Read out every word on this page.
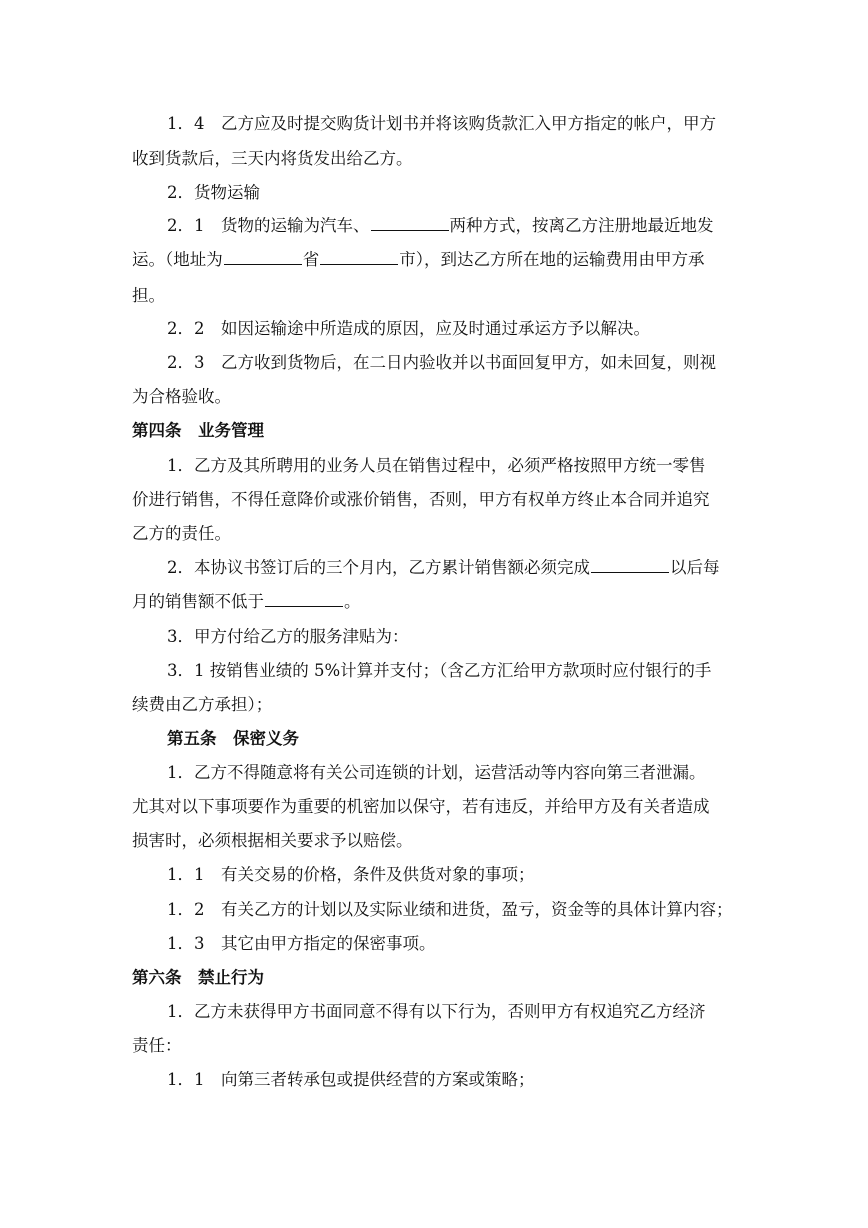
1．4　乙方应及时提交购货计划书并将该购货款汇入甲方指定的帐户，甲方
收到货款后，三天内将货发出给乙方。
2．货物运输
2．1　货物的运输为汽车、	两种方式，按离乙方注册地最近地发
运。（地址为	省	市），到达乙方所在地的运输费用由甲方承
担。
2．2　如因运输途中所造成的原因，应及时通过承运方予以解决。
2．3　乙方收到货物后，在二日内验收并以书面回复甲方，如未回复，则视
为合格验收。
第四条　业务管理
1．乙方及其所聘用的业务人员在销售过程中，必须严格按照甲方统一零售
价进行销售，不得任意降价或涨价销售，否则，甲方有权单方终止本合同并追究
乙方的责任。
2．本协议书签订后的三个月内，乙方累计销售额必须完成	以后每
月的销售额不低于	。
3．甲方付给乙方的服务津贴为：
3．1 按销售业绩的 5%计算并支付；（含乙方汇给甲方款项时应付银行的手
续费由乙方承担）；
第五条　保密义务
1．乙方不得随意将有关公司连锁的计划，运营活动等内容向第三者泄漏。
尤其对以下事项要作为重要的机密加以保守，若有违反，并给甲方及有关者造成
损害时，必须根据相关要求予以赔偿。
1．1　有关交易的价格，条件及供货对象的事项；
1．2　有关乙方的计划以及实际业绩和进货，盈亏，资金等的具体计算内容；
1．3　其它由甲方指定的保密事项。
第六条　禁止行为
1．乙方未获得甲方书面同意不得有以下行为，否则甲方有权追究乙方经济
责任：
1．1　向第三者转承包或提供经营的方案或策略；
